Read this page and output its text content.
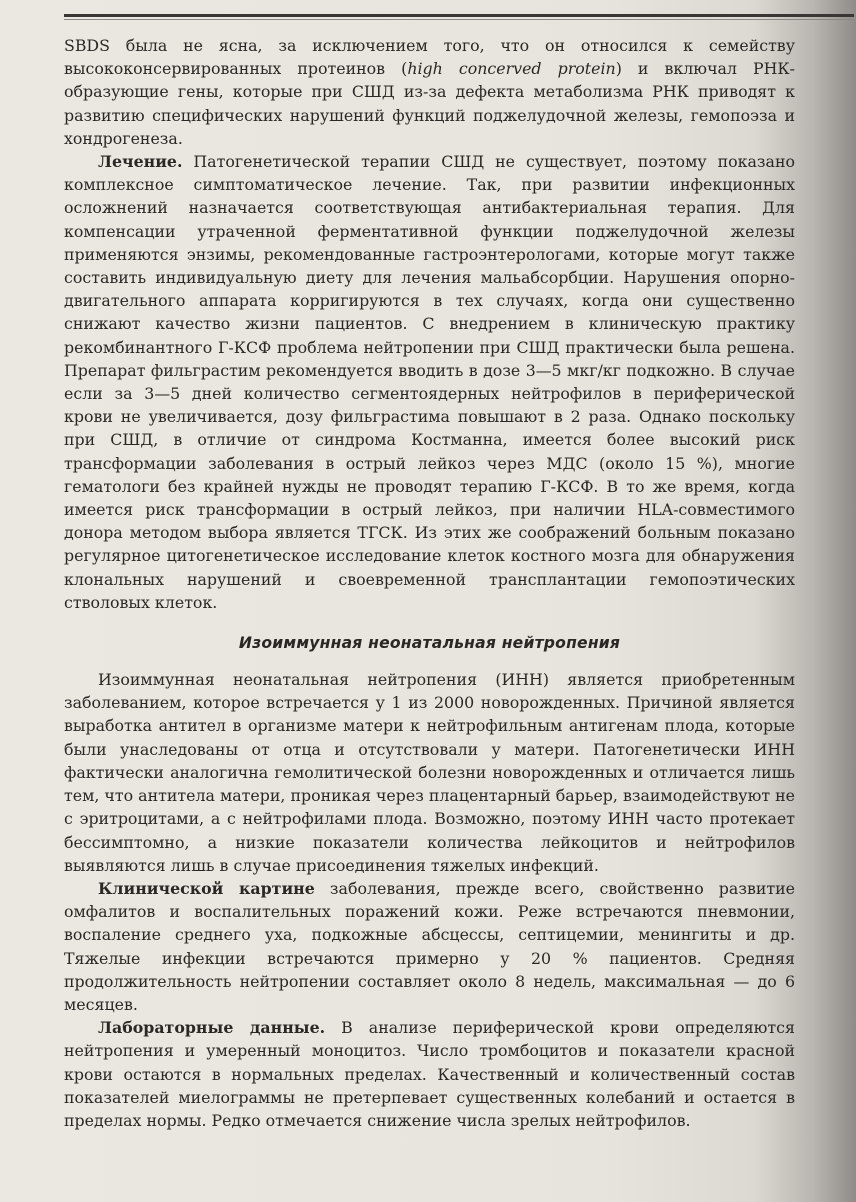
SBDS была не ясна, за исключением того, что он относился к семейству высококонсервированных протеинов (high concerved protein) и включал РНК-образующие гены, которые при СШД из-за дефекта метаболизма РНК приводят к развитию специфических нарушений функций поджелудочной железы, гемопоэза и хондрогенеза.

Лечение. Патогенетической терапии СШД не существует, поэтому показано комплексное симптоматическое лечение. Так, при развитии инфекционных осложнений назначается соответствующая антибактериальная терапия. Для компенсации утраченной ферментативной функции поджелудочной железы применяются энзимы, рекомендованные гастроэнтерологами, которые могут также составить индивидуальную диету для лечения мальабсорбции. Нарушения опорно-двигательного аппарата корригируются в тех случаях, когда они существенно снижают качество жизни пациентов. С внедрением в клиническую практику рекомбинантного Г-КСФ проблема нейтропении при СШД практически была решена. Препарат фильграстим рекомендуется вводить в дозе 3—5 мкг/кг подкожно. В случае если за 3—5 дней количество сегментоядерных нейтрофилов в периферической крови не увеличивается, дозу фильграстима повышают в 2 раза. Однако поскольку при СШД, в отличие от синдрома Костманна, имеется более высокий риск трансформации заболевания в острый лейкоз через МДС (около 15 %), многие гематологи без крайней нужды не проводят терапию Г-КСФ. В то же время, когда имеется риск трансформации в острый лейкоз, при наличии HLA-совместимого донора методом выбора является ТГСК. Из этих же соображений больным показано регулярное цитогенетическое исследование клеток костного мозга для обнаружения клональных нарушений и своевременной трансплантации гемопоэтических стволовых клеток.

Изоиммунная неонатальная нейтропения

Изоиммунная неонатальная нейтропения (ИНН) является приобретенным заболеванием, которое встречается у 1 из 2000 новорожденных. Причиной является выработка антител в организме матери к нейтрофильным антигенам плода, которые были унаследованы от отца и отсутствовали у матери. Патогенетически ИНН фактически аналогична гемолитической болезни новорожденных и отличается лишь тем, что антитела матери, проникая через плацентарный барьер, взаимодействуют не с эритроцитами, а с нейтрофилами плода. Возможно, поэтому ИНН часто протекает бессимптомно, а низкие показатели количества лейкоцитов и нейтрофилов выявляются лишь в случае присоединения тяжелых инфекций.

Клинической картине заболевания, прежде всего, свойственно развитие омфалитов и воспалительных поражений кожи. Реже встречаются пневмонии, воспаление среднего уха, подкожные абсцессы, септицемии, менингиты и др. Тяжелые инфекции встречаются примерно у 20 % пациентов. Средняя продолжительность нейтропении составляет около 8 недель, максимальная — до 6 месяцев.

Лабораторные данные. В анализе периферической крови определяются нейтропения и умеренный моноцитоз. Число тромбоцитов и показатели красной крови остаются в нормальных пределах. Качественный и количественный состав показателей миелограммы не претерпевает существенных колебаний и остается в пределах нормы. Редко отмечается снижение числа зрелых нейтрофилов.
